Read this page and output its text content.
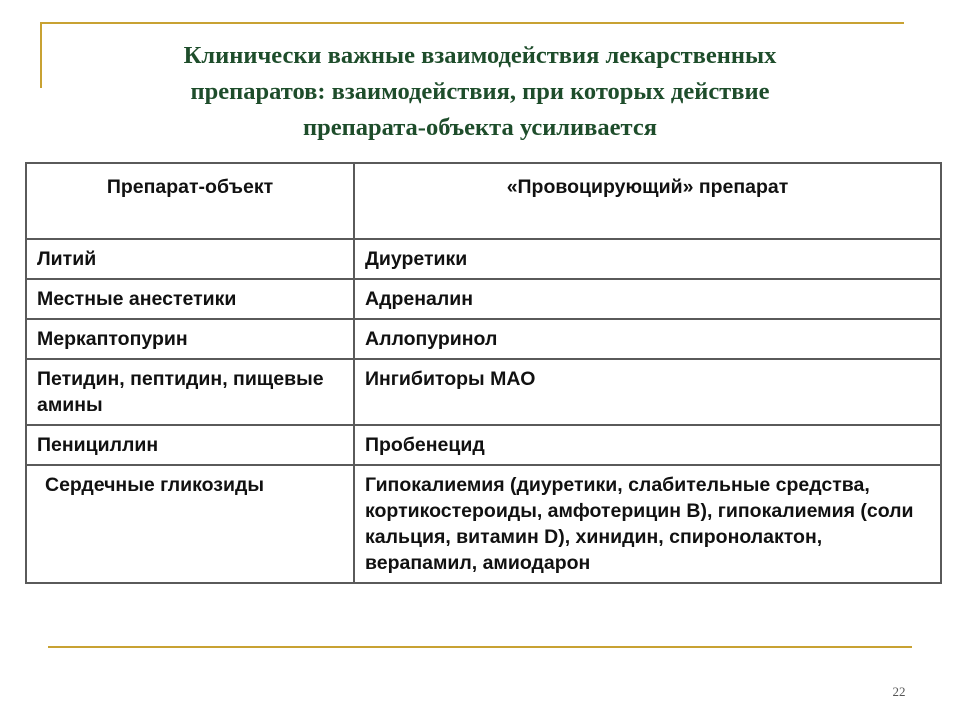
Клинически важные взаимодействия лекарственных
препаратов: взаимодействия, при которых действие
препарата-объекта усиливается
Препарат-объект	«Провоцирующий» препарат
Литий	Диуретики
Местные анестетики	Адреналин
Меркаптопурин	Аллопуринол
Петидин, пептидин, пищевые амины	Ингибиторы МАО
Пенициллин	Пробенецид
Сердечные гликозиды	Гипокалиемия (диуретики, слабительные средства, кортикостероиды, амфотерицин В), гипокалиемия (соли кальция, витамин D), хинидин, спиронолактон, верапамил, амиодарон
22
